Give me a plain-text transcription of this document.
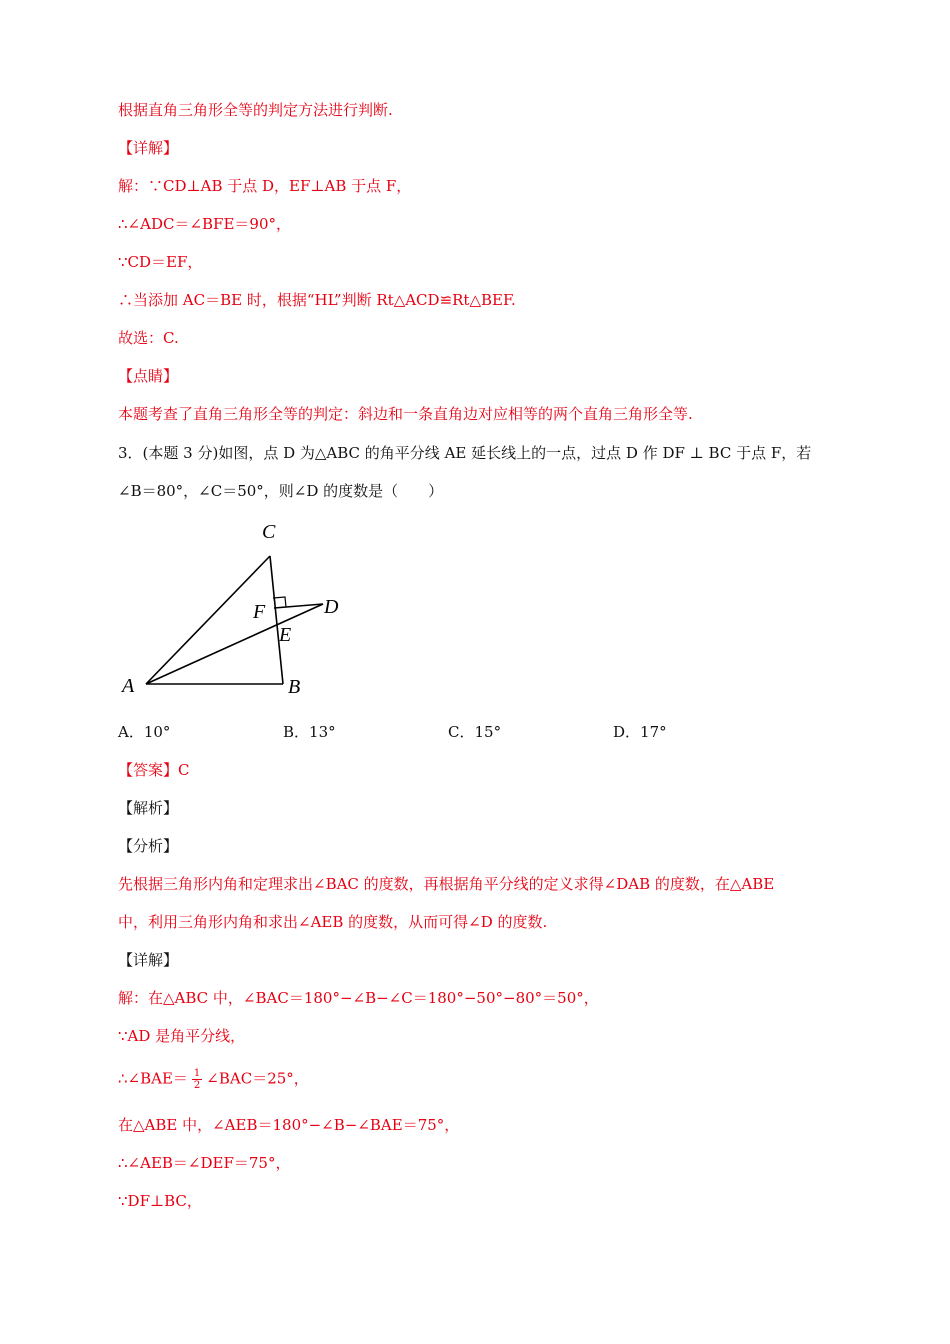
根据直角三角形全等的判定方法进行判断.
【详解】
解：∵CD⊥AB 于点 D，EF⊥AB 于点 F，
∴∠ADC＝∠BFE＝90°，
∵CD＝EF，
∴当添加 AC＝BE 时，根据“HL”判断 Rt△ACD≌Rt△BEF.
故选：C.
【点睛】
本题考查了直角三角形全等的判定：斜边和一条直角边对应相等的两个直角三角形全等.
3．(本题 3 分)如图，点 D 为△ABC 的角平分线 AE 延长线上的一点，过点 D 作 DF ⊥ BC 于点 F，若
∠B＝80°，∠C＝50°，则∠D 的度数是（　　）
A	B
C
D
E
F
A．10°	B．13°	C．15°	D．17°
【答案】C
【解析】
【分析】
先根据三角形内角和定理求出∠BAC 的度数，再根据角平分线的定义求得∠DAB 的度数，在△ABE
中，利用三角形内角和求出∠AEB 的度数，从而可得∠D 的度数.
【详解】
解：在△ABC 中，∠BAC＝180°−∠B−∠C＝180°−50°−80°＝50°，
∵AD 是角平分线，
∴∠BAE＝ $\frac{1}{2}$ ∠BAC＝25°，
在△ABE 中，∠AEB＝180°−∠B−∠BAE＝75°，
∴∠AEB＝∠DEF＝75°，
∵DF⊥BC，
